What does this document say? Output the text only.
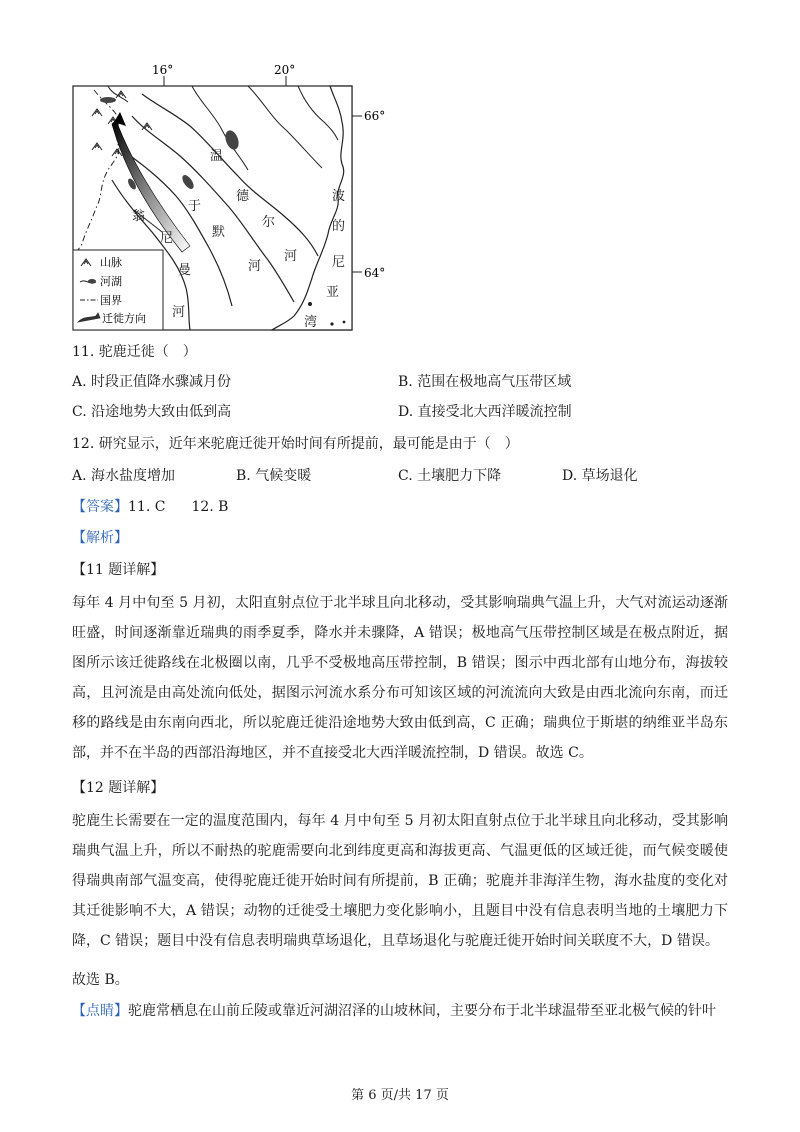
16°	20°
66°
64°
温
德
尔
河
河
默
于
尼
曼
河
翁
波
的
尼
亚
湾
山脉
河湖
国界
迁徙方向
11. 驼鹿迁徙（　）
A. 时段正值降水骤减月份	B. 范围在极地高气压带区域
C. 沿途地势大致由低到高	D. 直接受北大西洋暖流控制
12. 研究显示，近年来驼鹿迁徙开始时间有所提前，最可能是由于（　）
A. 海水盐度增加	B. 气候变暖	C. 土壤肥力下降	D. 草场退化
【答案】11. C 12. B
【解析】
【11 题详解】
每年 4 月中旬至 5 月初，太阳直射点位于北半球且向北移动，受其影响瑞典气温上升，大气对流运动逐渐旺盛，时间逐渐靠近瑞典的雨季夏季，降水并未骤降，A 错误；极地高气压带控制区域是在极点附近，据图所示该迁徙路线在北极圈以南，几乎不受极地高压带控制，B 错误；图示中西北部有山地分布，海拔较高，且河流是由高处流向低处，据图示河流水系分布可知该区域的河流流向大致是由西北流向东南，而迁移的路线是由东南向西北，所以驼鹿迁徙沿途地势大致由低到高，C 正确；瑞典位于斯堪的纳维亚半岛东部，并不在半岛的西部沿海地区，并不直接受北大西洋暖流控制，D 错误。故选 C。
【12 题详解】
驼鹿生长需要在一定的温度范围内，每年 4 月中旬至 5 月初太阳直射点位于北半球且向北移动，受其影响瑞典气温上升，所以不耐热的驼鹿需要向北到纬度更高和海拔更高、气温更低的区域迁徙，而气候变暖使得瑞典南部气温变高，使得驼鹿迁徙开始时间有所提前，B 正确；驼鹿并非海洋生物，海水盐度的变化对其迁徙影响不大，A 错误；动物的迁徙受土壤肥力变化影响小，且题目中没有信息表明当地的土壤肥力下降，C 错误；题目中没有信息表明瑞典草场退化，且草场退化与驼鹿迁徙开始时间关联度不大，D 错误。
故选 B。
【点睛】驼鹿常栖息在山前丘陵或靠近河湖沼泽的山坡林间，主要分布于北半球温带至亚北极气候的针叶
第 6 页/共 17 页
